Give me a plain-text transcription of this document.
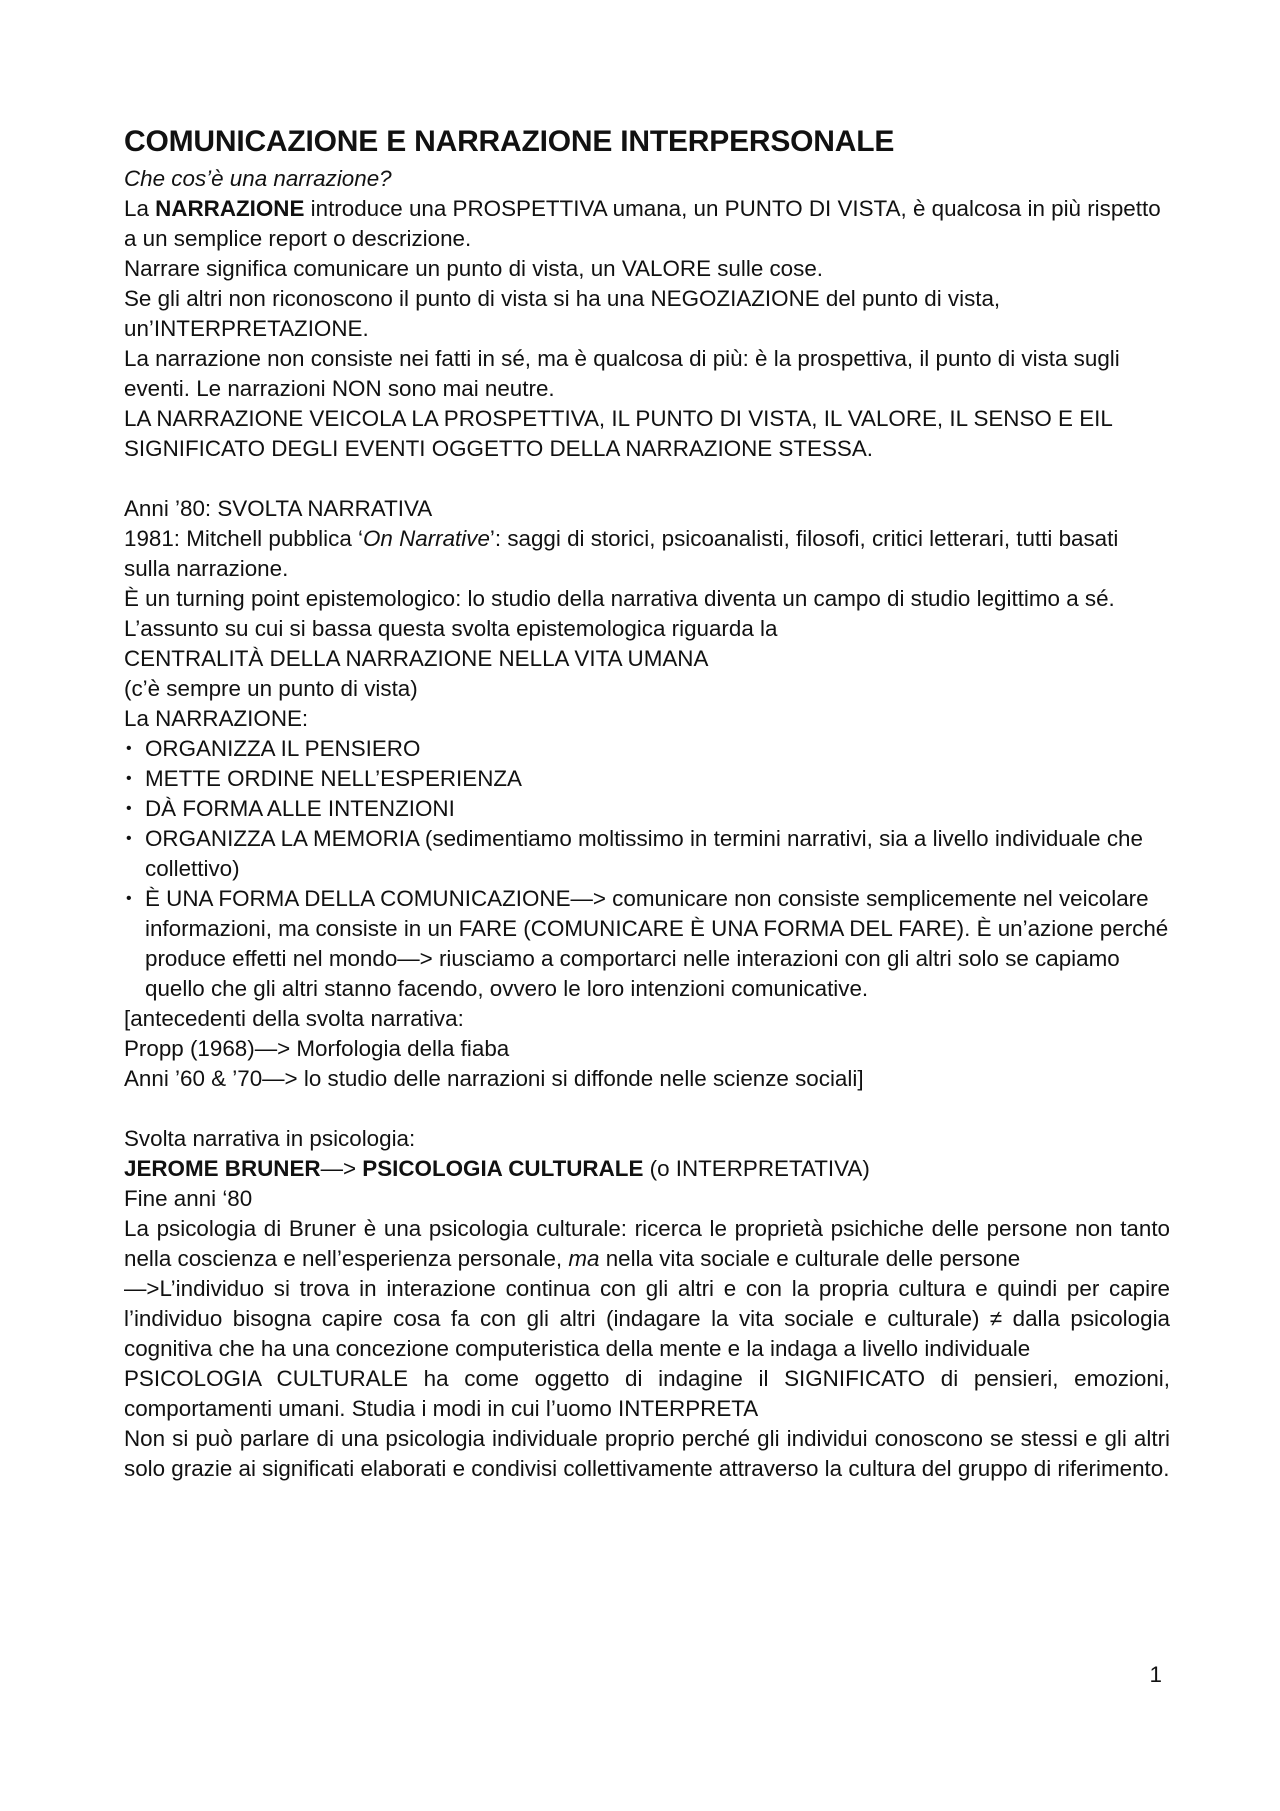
COMUNICAZIONE E NARRAZIONE INTERPERSONALE

Che cos’è una narrazione?

La NARRAZIONE introduce una PROSPETTIVA umana, un PUNTO DI VISTA, è qualcosa in più rispetto a un semplice report o descrizione.

Narrare significa comunicare un punto di vista, un VALORE sulle cose.

Se gli altri non riconoscono il punto di vista si ha una NEGOZIAZIONE del punto di vista, un’INTERPRETAZIONE.

La narrazione non consiste nei fatti in sé, ma è qualcosa di più: è la prospettiva, il punto di vista sugli eventi. Le narrazioni NON sono mai neutre.

LA NARRAZIONE VEICOLA LA PROSPETTIVA, IL PUNTO DI VISTA, IL VALORE, IL SENSO E EIL SIGNIFICATO DEGLI EVENTI OGGETTO DELLA NARRAZIONE STESSA.

Anni ’80: SVOLTA NARRATIVA

1981: Mitchell pubblica ‘On Narrative’: saggi di storici, psicoanalisti, filosofi, critici letterari, tutti basati sulla narrazione.

È un turning point epistemologico: lo studio della narrativa diventa un campo di studio legittimo a sé.

L’assunto su cui si bassa questa svolta epistemologica riguarda la

CENTRALITÀ DELLA NARRAZIONE NELLA VITA UMANA

(c’è sempre un punto di vista)

La NARRAZIONE:

• ORGANIZZA IL PENSIERO
• METTE ORDINE NELL’ESPERIENZA
• DÀ FORMA ALLE INTENZIONI
• ORGANIZZA LA MEMORIA (sedimentiamo moltissimo in termini narrativi, sia a livello individuale che collettivo)
• È UNA FORMA DELLA COMUNICAZIONE—> comunicare non consiste semplicemente nel veicolare informazioni, ma consiste in un FARE (COMUNICARE È UNA FORMA DEL FARE). È un’azione perché produce effetti nel mondo—> riusciamo a comportarci nelle interazioni con gli altri solo se capiamo quello che gli altri stanno facendo, ovvero le loro intenzioni comunicative.

[antecedenti della svolta narrativa:

Propp (1968)—> Morfologia della fiaba

Anni ’60 & ’70—> lo studio delle narrazioni si diffonde nelle scienze sociali]

Svolta narrativa in psicologia:

JEROME BRUNER—> PSICOLOGIA CULTURALE (o INTERPRETATIVA)

Fine anni ‘80

La psicologia di Bruner è una psicologia culturale: ricerca le proprietà psichiche delle persone non tanto nella coscienza e nell’esperienza personale, ma nella vita sociale e culturale delle persone

—>L’individuo si trova in interazione continua con gli altri e con la propria cultura e quindi per capire l’individuo bisogna capire cosa fa con gli altri (indagare la vita sociale e culturale) ≠ dalla psicologia cognitiva che ha una concezione computeristica della mente e la indaga a livello individuale

PSICOLOGIA CULTURALE ha come oggetto di indagine il SIGNIFICATO di pensieri, emozioni, comportamenti umani. Studia i modi in cui l’uomo INTERPRETA

Non si può parlare di una psicologia individuale proprio perché gli individui conoscono se stessi e gli altri solo grazie ai significati elaborati e condivisi collettivamente attraverso la cultura del gruppo di riferimento.

1
